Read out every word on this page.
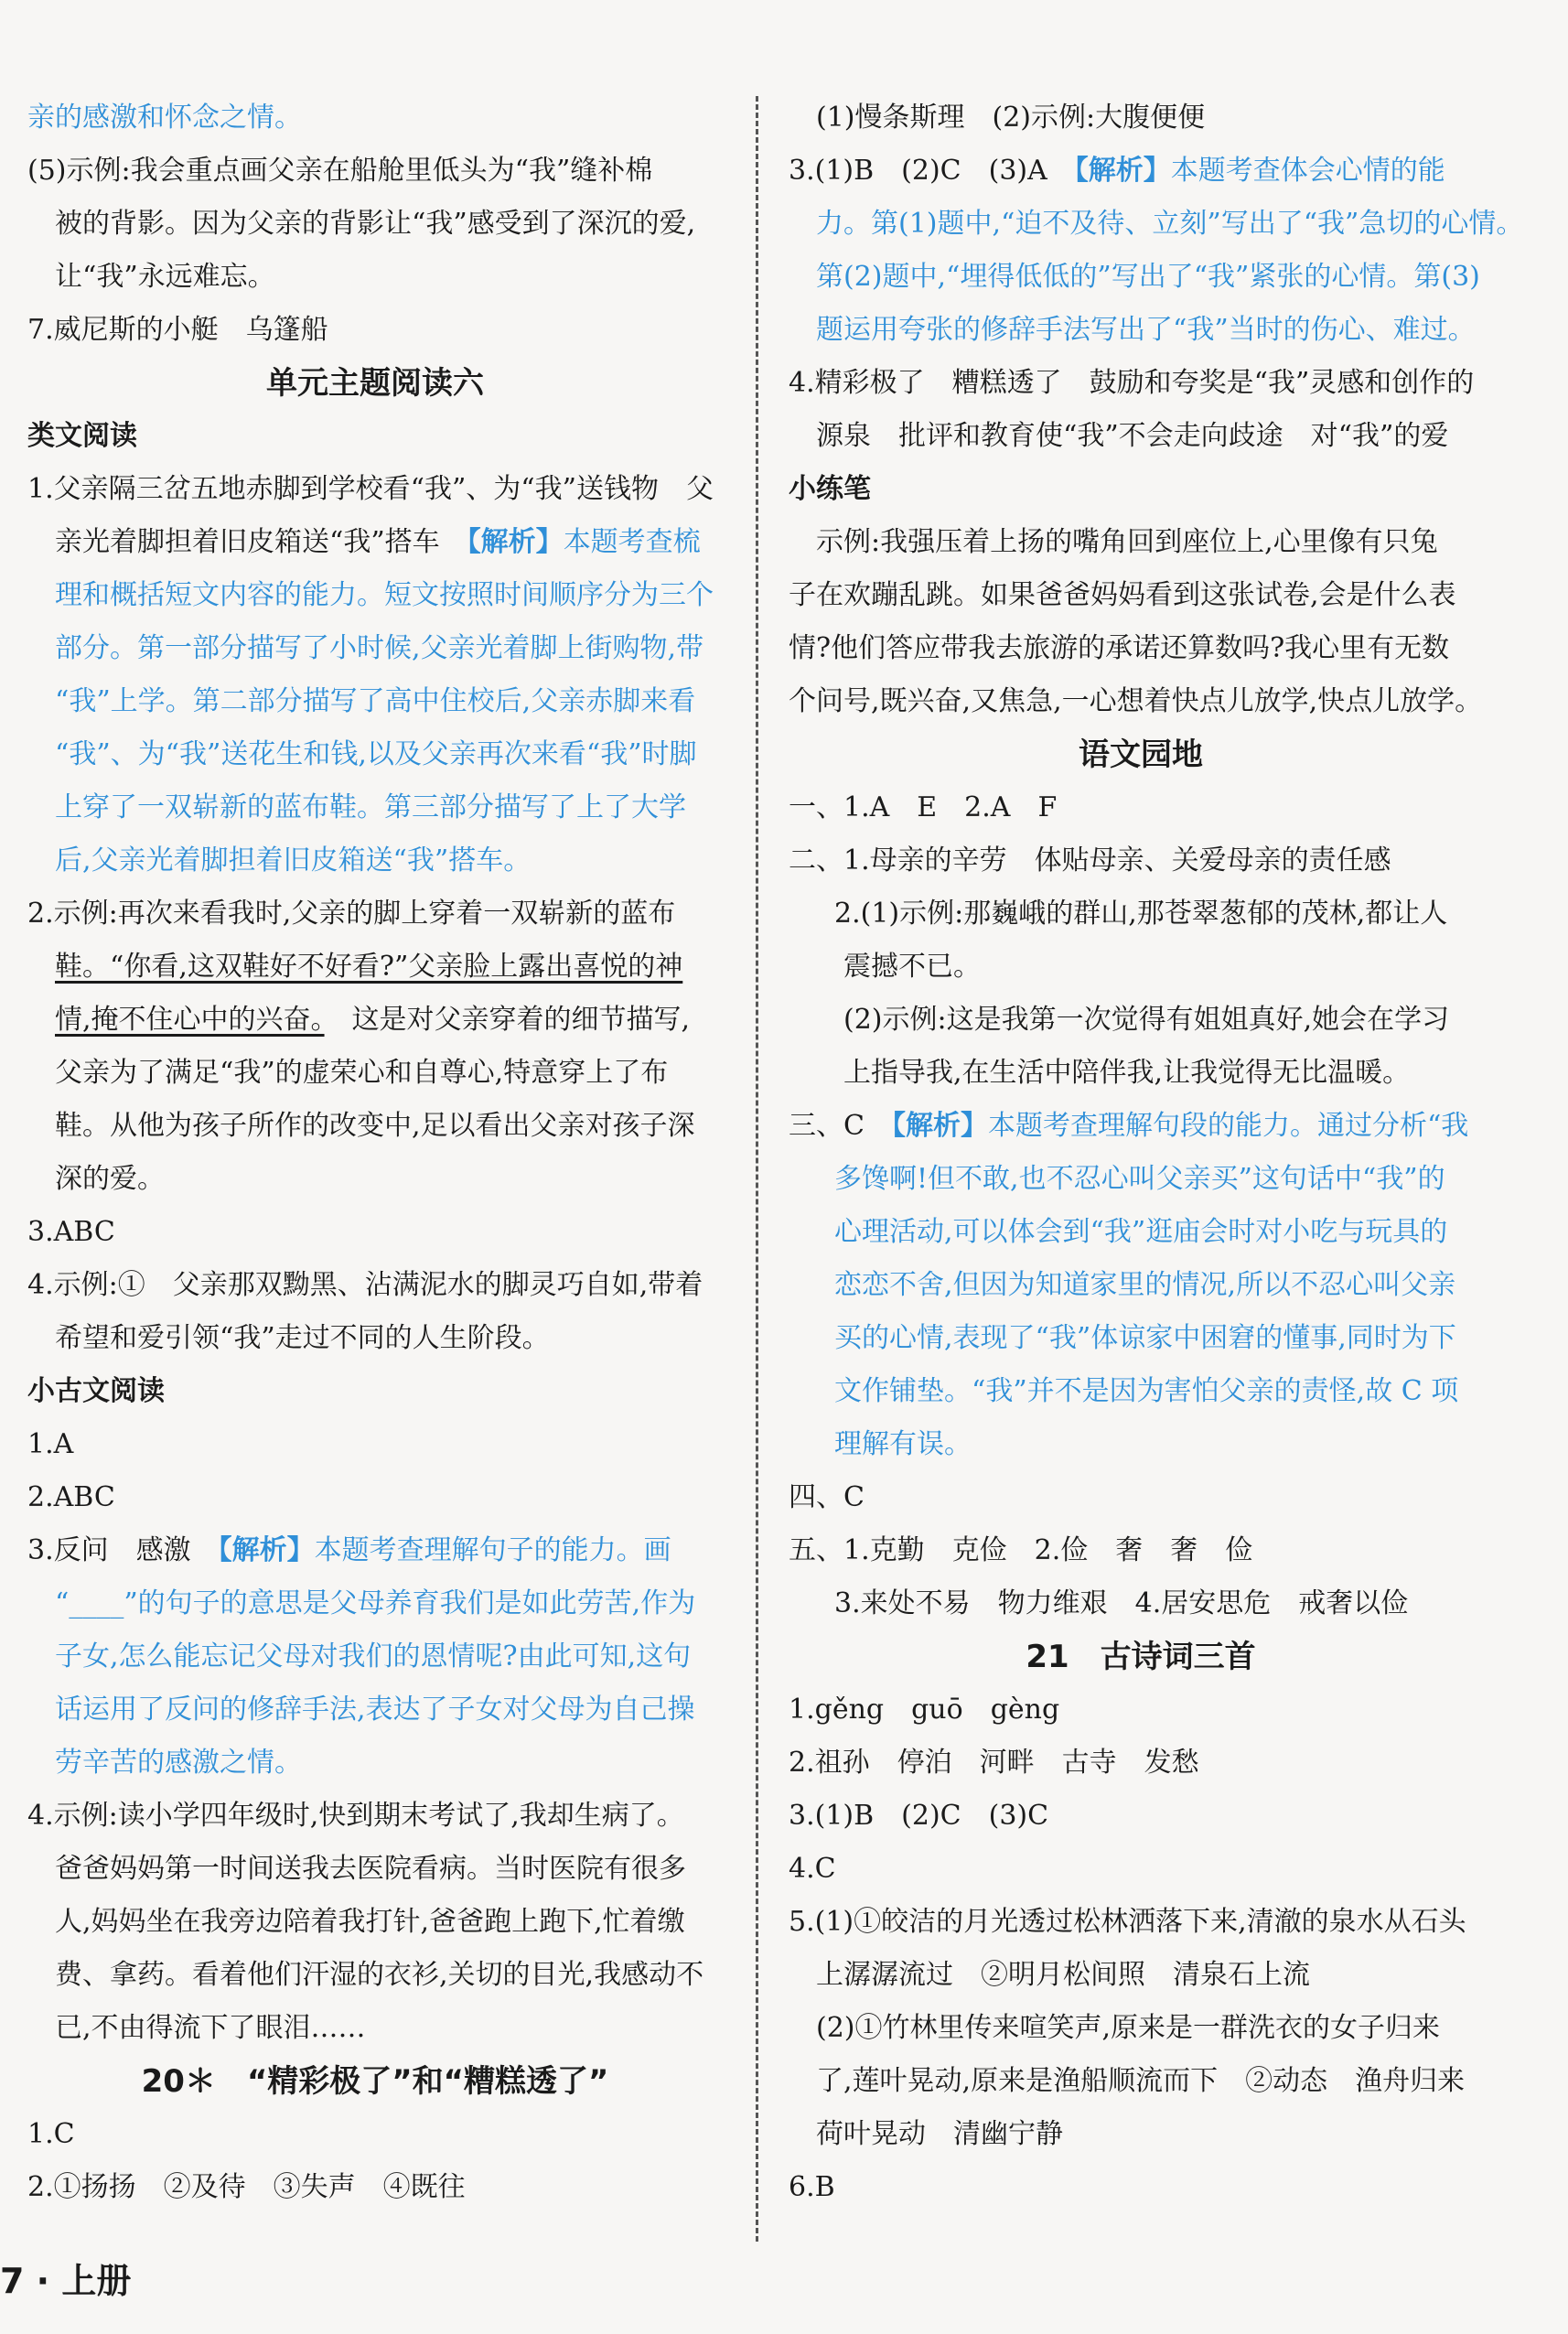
亲的感激和怀念之情。
(5)示例:我会重点画父亲在船舱里低头为“我”缝补棉
被的背影。因为父亲的背影让“我”感受到了深沉的爱,
让“我”永远难忘。
7.威尼斯的小艇　乌篷船
单元主题阅读六
类文阅读
1.父亲隔三岔五地赤脚到学校看“我”、为“我”送钱物　父
亲光着脚担着旧皮箱送“我”搭车　 【解析】本题考查梳
理和概括短文内容的能力。短文按照时间顺序分为三个
部分。第一部分描写了小时候,父亲光着脚上街购物,带
“我”上学。第二部分描写了高中住校后,父亲赤脚来看
“我”、为“我”送花生和钱,以及父亲再次来看“我”时脚
上穿了一双崭新的蓝布鞋。第三部分描写了上了大学
后,父亲光着脚担着旧皮箱送“我”搭车。
2.示例:再次来看我时,父亲的脚上穿着一双崭新的蓝布
鞋。“你看,这双鞋好不好看?”父亲脸上露出喜悦的神
情,掩不住心中的兴奋。　这是对父亲穿着的细节描写,
父亲为了满足“我”的虚荣心和自尊心,特意穿上了布
鞋。从他为孩子所作的改变中,足以看出父亲对孩子深
深的爱。
3.ABC
4.示例:①　父亲那双黝黑、沾满泥水的脚灵巧自如,带着
希望和爱引领“我”走过不同的人生阶段。
小古文阅读
1.A
2.ABC
3.反问　感激　 【解析】本题考查理解句子的能力。画
“____”的句子的意思是父母养育我们是如此劳苦,作为
子女,怎么能忘记父母对我们的恩情呢?由此可知,这句
话运用了反问的修辞手法,表达了子女对父母为自己操
劳辛苦的感激之情。
4.示例:读小学四年级时,快到期末考试了,我却生病了。
爸爸妈妈第一时间送我去医院看病。当时医院有很多
人,妈妈坐在我旁边陪着我打针,爸爸跑上跑下,忙着缴
费、拿药。看着他们汗湿的衣衫,关切的目光,我感动不
已,不由得流下了眼泪……
20＊　“精彩极了”和“糟糕透了”
1.C
2.①扬扬　②及待　③失声　④既往
(1)慢条斯理　(2)示例:大腹便便
3.(1)B　(2)C　(3)A　 【解析】本题考查体会心情的能
力。第(1)题中,“迫不及待、立刻”写出了“我”急切的心情。
第(2)题中,“埋得低低的”写出了“我”紧张的心情。第(3)
题运用夸张的修辞手法写出了“我”当时的伤心、难过。
4.精彩极了　糟糕透了　鼓励和夸奖是“我”灵感和创作的
源泉　批评和教育使“我”不会走向歧途　对“我”的爱
小练笔
示例:我强压着上扬的嘴角回到座位上,心里像有只兔
子在欢蹦乱跳。如果爸爸妈妈看到这张试卷,会是什么表
情?他们答应带我去旅游的承诺还算数吗?我心里有无数
个问号,既兴奋,又焦急,一心想着快点儿放学,快点儿放学。
语文园地
一、1.A　E　2.A　F
二、1.母亲的辛劳　体贴母亲、关爱母亲的责任感
2.(1)示例:那巍峨的群山,那苍翠葱郁的茂林,都让人
震撼不已。
(2)示例:这是我第一次觉得有姐姐真好,她会在学习
上指导我,在生活中陪伴我,让我觉得无比温暖。
三、C　 【解析】本题考查理解句段的能力。通过分析“我
多馋啊!但不敢,也不忍心叫父亲买”这句话中“我”的
心理活动,可以体会到“我”逛庙会时对小吃与玩具的
恋恋不舍,但因为知道家里的情况,所以不忍心叫父亲
买的心情,表现了“我”体谅家中困窘的懂事,同时为下
文作铺垫。“我”并不是因为害怕父亲的责怪,故 C 项
理解有误。
四、C
五、1.克勤　克俭　2.俭　奢　奢　俭
3.来处不易　物力维艰　4.居安思危　戒奢以俭
21　古诗词三首
1.gěng　guō　gèng
2.祖孙　停泊　河畔　古寺　发愁
3.(1)B　(2)C　(3)C
4.C
5.(1)①皎洁的月光透过松林洒落下来,清澈的泉水从石头
上潺潺流过　②明月松间照　清泉石上流
(2)①竹林里传来喧笑声,原来是一群洗衣的女子归来
了,莲叶晃动,原来是渔船顺流而下　②动态　渔舟归来
荷叶晃动　清幽宁静
6.B
7 · 上册
